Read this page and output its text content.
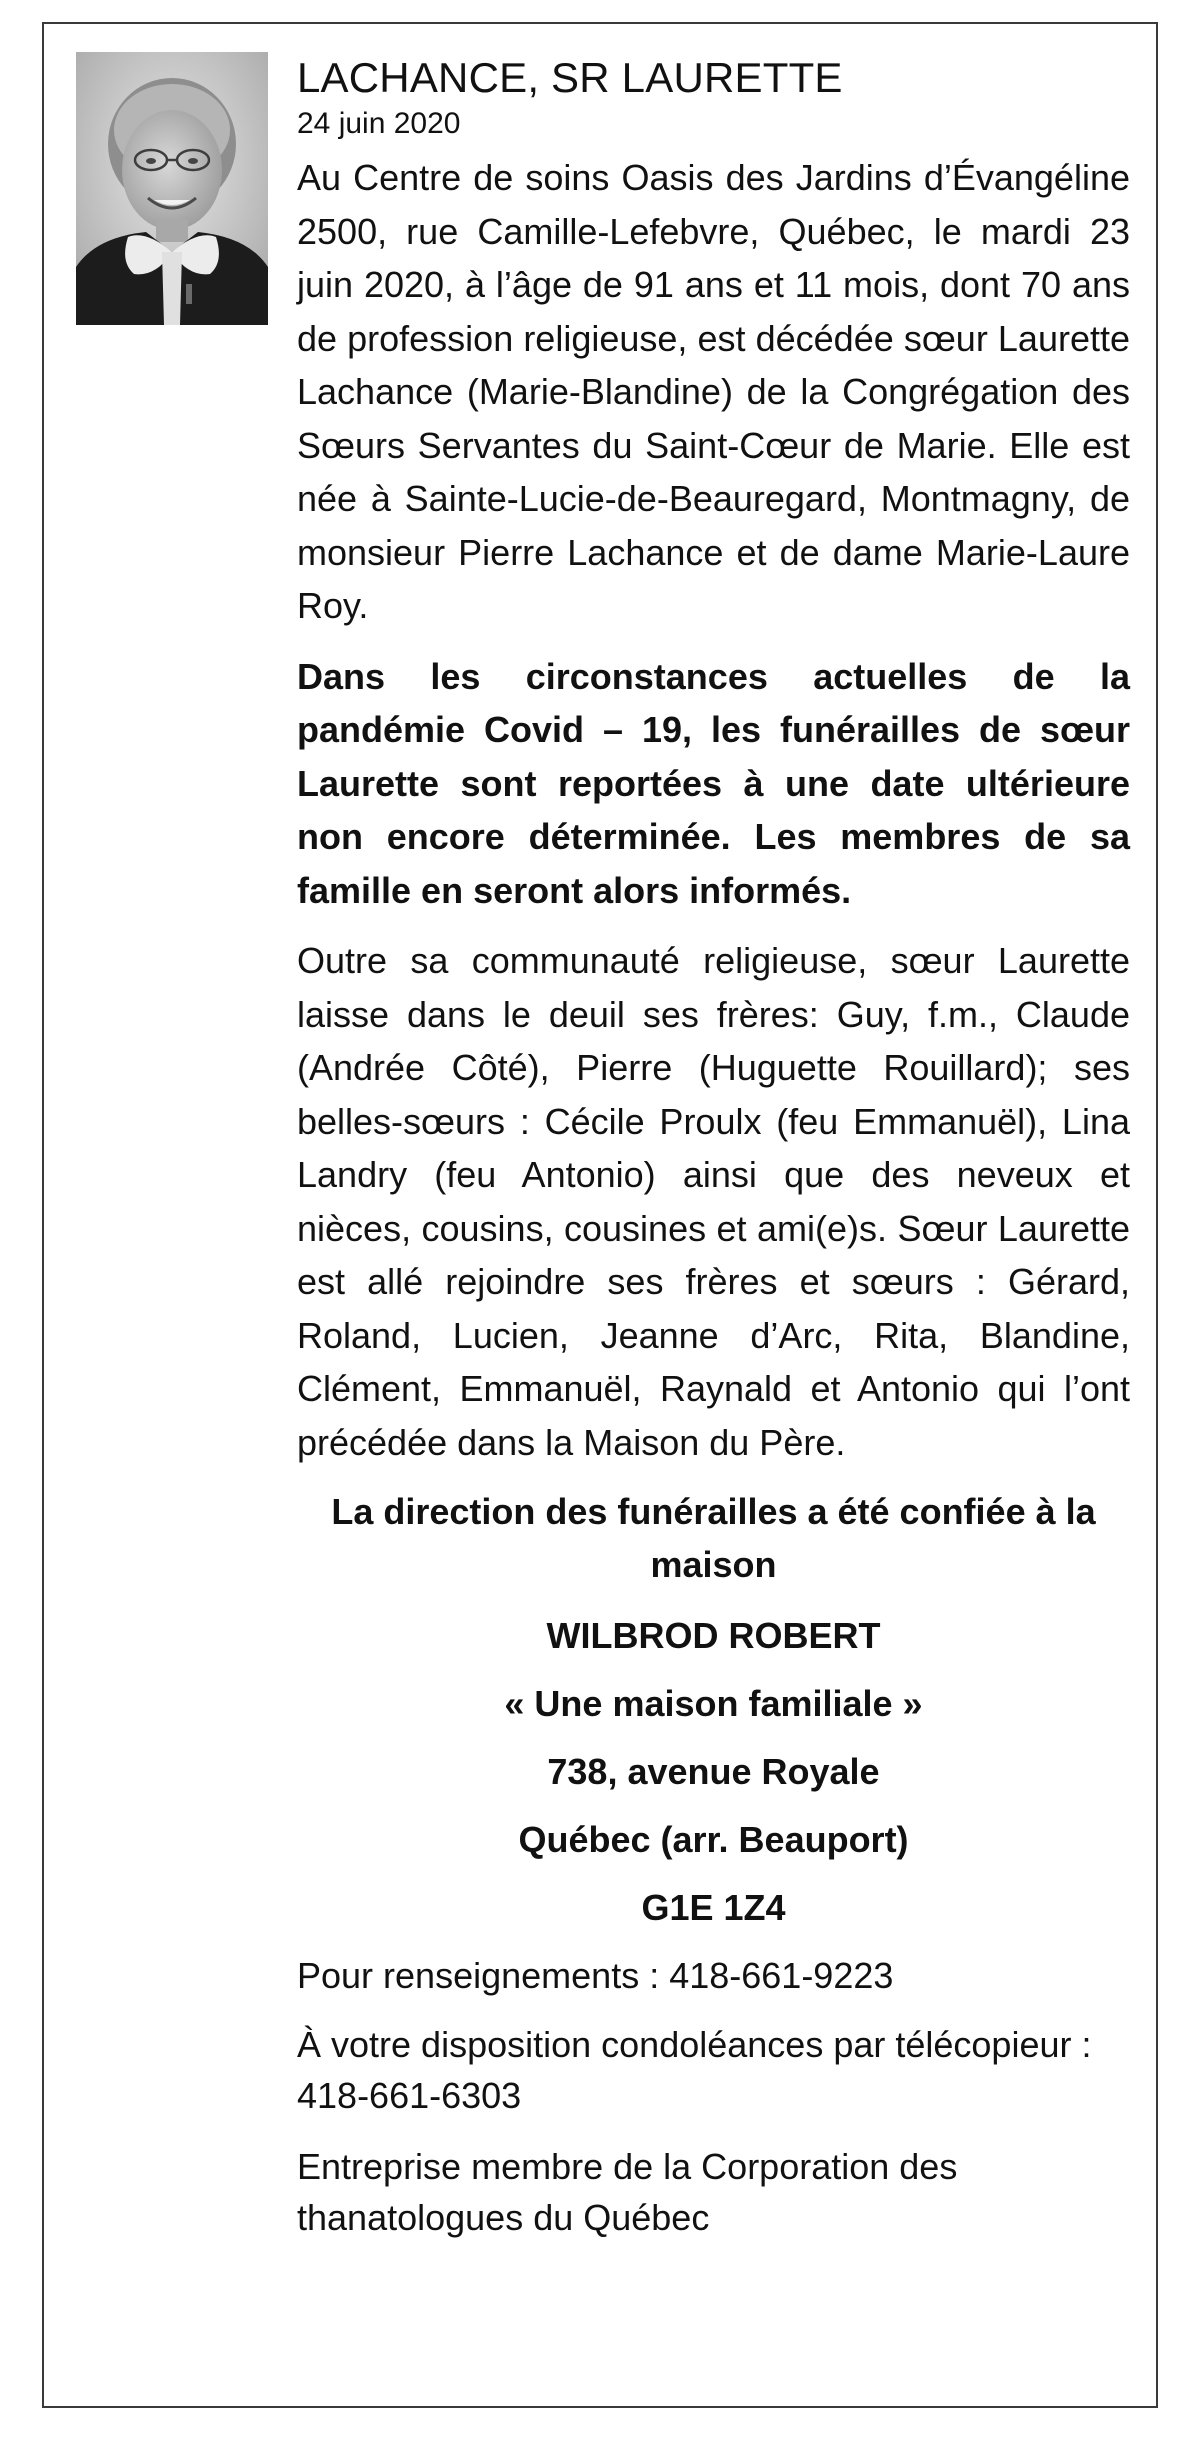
LACHANCE, SR LAURETTE

24 juin 2020

Au Centre de soins Oasis des Jardins d’Évangéline 2500, rue Camille-Lefebvre, Québec, le mardi 23 juin 2020, à l’âge de 91 ans et 11 mois, dont 70 ans de profession religieuse, est décédée sœur Laurette Lachance (Marie-Blandine) de la Congrégation des Sœurs Servantes du Saint-Cœur de Marie. Elle est née à Sainte-Lucie-de-Beauregard, Montmagny, de monsieur Pierre Lachance et de dame Marie-Laure Roy.

Dans les circonstances actuelles de la pandémie Covid – 19, les funérailles de sœur Laurette sont reportées à une date ultérieure non encore déterminée. Les membres de sa famille en seront alors informés.

Outre sa communauté religieuse, sœur Laurette laisse dans le deuil ses frères: Guy, f.m., Claude (Andrée Côté), Pierre (Huguette Rouillard); ses belles-sœurs : Cécile Proulx (feu Emmanuël), Lina Landry (feu Antonio) ainsi que des neveux et nièces, cousins, cousines et ami(e)s. Sœur Laurette est allé rejoindre ses frères et sœurs : Gérard, Roland, Lucien, Jeanne d’Arc, Rita, Blandine, Clément, Emmanuël, Raynald et Antonio qui l’ont précédée dans la Maison du Père.

La direction des funérailles a été confiée à la maison

WILBROD ROBERT

« Une maison familiale »

738, avenue Royale

Québec (arr. Beauport)

G1E 1Z4

Pour renseignements : 418-661-9223

À votre disposition condoléances par télécopieur : 418-661-6303

Entreprise membre de la Corporation des thanatologues du Québec
